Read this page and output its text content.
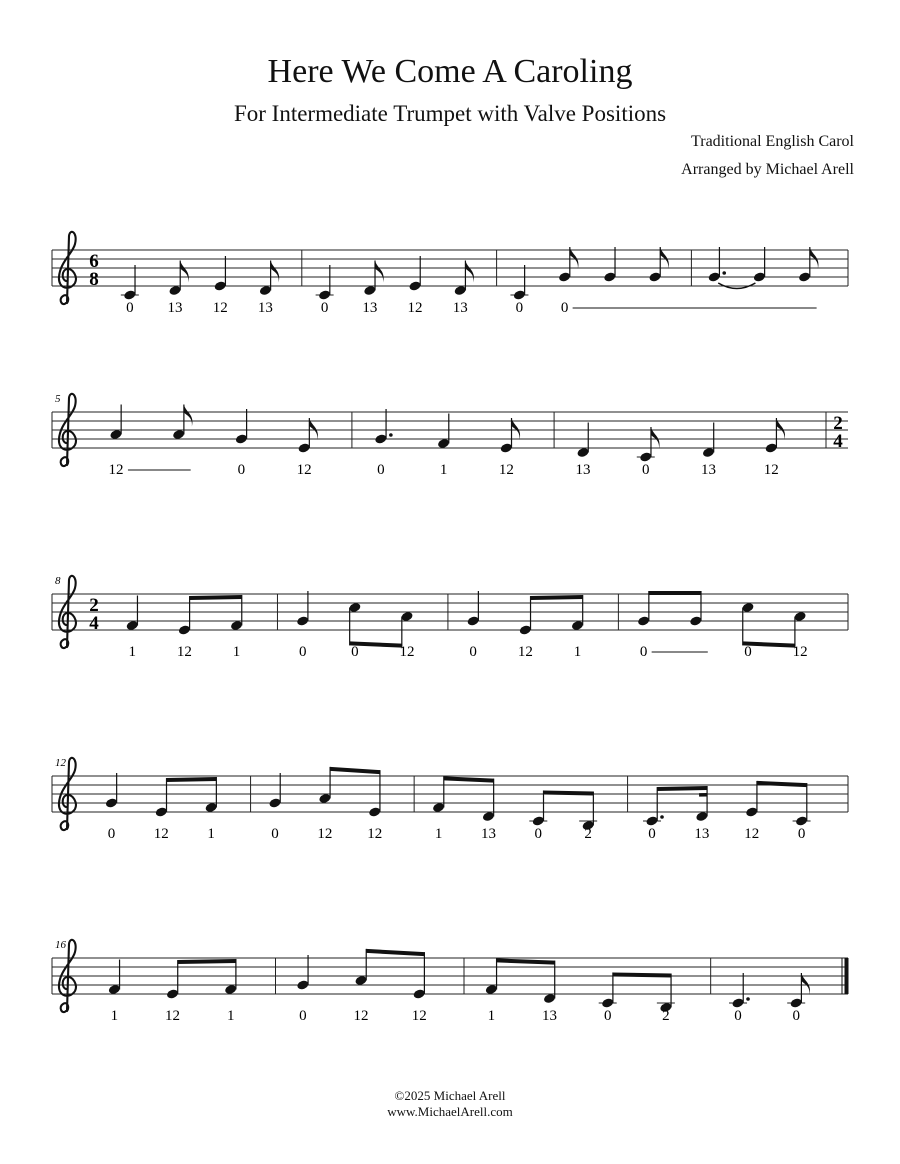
Here We Come A Caroling
For Intermediate Trumpet with Valve Positions
Traditional English Carol
Arranged by Michael Arell
6
8
0 13 12 13	0 13 12 13	0	0
5
2
4
12	0	12	0	1	12	13	0	13	12
8
2
4
1	12	1	0	0	12	0	12	1	0	0	12
12
0	12	1	0	12 12	1	13	0	2	0	13 12	0
16
1	12	1	0	12	12	1	13	0	2	0	0
©2025 Michael Arell
www.MichaelArell.com
